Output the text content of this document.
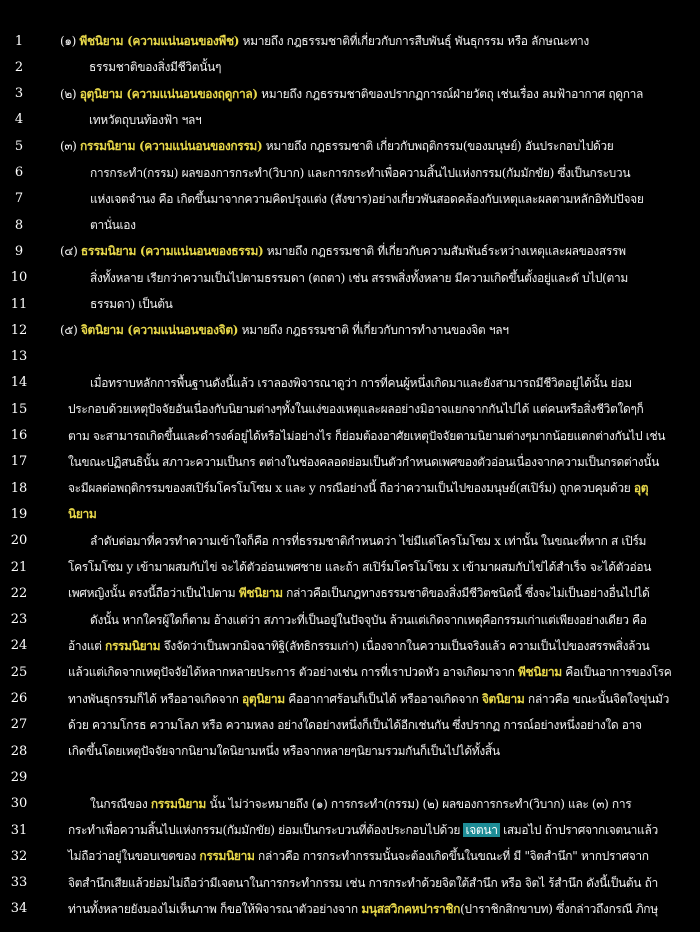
1	(๑) พีชนิยาม (ความแน่นอนของพืช) หมายถึง กฎธรรมชาติที่เกี่ยวกับการสืบพันธุ์ พันธุกรรม หรือ ลักษณะทาง
2	ธรรมชาติของสิ่งมีชีวิตนั้นๆ
3	(๒) อุตุนิยาม (ความแน่นอนของฤดูกาล) หมายถึง กฎธรรมชาติของปรากฏการณ์ฝ่ายวัตถุ เช่นเรื่อง ลมฟ้าอากาศ ฤดูกาล
4	เทหวัตถุบนท้องฟ้า ฯลฯ
5	(๓) กรรมนิยาม (ความแน่นอนของกรรม) หมายถึง กฎธรรมชาติ เกี่ยวกับพฤติกรรม(ของมนุษย์) อันประกอบไปด้วย
6	การกระทำ(กรรม) ผลของการกระทำ(วิบาก) และการกระทำเพื่อความสิ้นไปแห่งกรรม(กัมมักขัย) ซึ่งเป็นกระบวน
7	แห่งเจตจำนง คือ เกิดขึ้นมาจากความคิดปรุงแต่ง (สังขาร)อย่างเกี่ยวพันสอดคล้องกับเหตุและผลตามหลักอิทัปปัจจย
8	ตานั่นเอง
9	(๔) ธรรมนิยาม (ความแน่นอนของธรรม) หมายถึง กฎธรรมชาติ ที่เกี่ยวกับความสัมพันธ์ระหว่างเหตุและผลของสรรพ
10	สิ่งทั้งหลาย เรียกว่าความเป็นไปตามธรรมดา (ตถตา) เช่น สรรพสิ่งทั้งหลาย มีความเกิดขึ้นตั้งอยู่และดั บไป(ตาม
11	ธรรมดา) เป็นต้น
12	(๕) จิตนิยาม (ความแน่นอนของจิต) หมายถึง กฎธรรมชาติ ที่เกี่ยวกับการทำงานของจิต ฯลฯ
13
14	เมื่อทราบหลักการพื้นฐานดังนี้แล้ว เราลองพิจารณาดูว่า การที่คนผู้หนึ่งเกิดมาและยังสามารถมีชีวิตอยู่ได้นั้น ย่อม
15	ประกอบด้วยเหตุปัจจัยอันเนื่องกับนิยามต่างๆทั้งในแง่ของเหตุและผลอย่างมิอาจแยกจากกันไปได้ แต่คนหรือสิ่งชีวิตใดๆก็
16	ตาม จะสามารถเกิดขึ้นและดำรงค์อยู่ได้หรือไม่อย่างไร ก็ย่อมต้องอาศัยเหตุปัจจัยตามนิยามต่างๆมากน้อยแตกต่างกันไป เช่น
17	ในขณะปฏิสนธินั้น สภาวะความเป็นกร ตต่างในช่องคลอดย่อมเป็นตัวกำหนดเพศของตัวอ่อนเนื่องจากความเป็นกรดต่างนั้น
18	จะมีผลต่อพฤติกรรมของสเปิร์มโครโมโซม x และ y กรณีอย่างนี้ ถือว่าความเป็นไปของมนุษย์(สเปิร์ม) ถูกควบคุมด้วย อุตุ
19	นิยาม
20	ลำดับต่อมาที่ควรทำความเข้าใจก็คือ การที่ธรรมชาติกำหนดว่า ไข่มีแต่โครโมโซม x เท่านั้น ในขณะที่หาก ส เปิร์ม
21	โครโมโซม y เข้ามาผสมกับไข่ จะได้ตัวอ่อนเพศชาย และถ้า สเปิร์มโครโมโซม x เข้ามาผสมกับไข่ได้สำเร็จ จะได้ตัวอ่อน
22	เพศหญิงนั้น ตรงนี้ถือว่าเป็นไปตาม พีชนิยาม กล่าวคือเป็นกฎทางธรรมชาติของสิ่งมีชีวิตชนิดนี้ ซึ่งจะไม่เป็นอย่างอื่นไปได้
23	ดังนั้น หากใครผู้ใดก็ตาม อ้างแต่ว่า สภาวะที่เป็นอยู่ในปัจจุบัน ล้วนแต่เกิดจากเหตุคือกรรมเก่าแต่เพียงอย่างเดียว คือ
24	อ้างแต่ กรรมนิยาม จึงจัดว่าเป็นพวกมิจฉาทิฐิ(ลัทธิกรรมเก่า) เนื่องจากในความเป็นจริงแล้ว ความเป็นไปของสรรพสิ่งล้วน
25	แล้วแต่เกิดจากเหตุปัจจัยได้หลากหลายประการ ตัวอย่างเช่น การที่เราปวดหัว อาจเกิดมาจาก พีชนิยาม คือเป็นอาการของโรค
26	ทางพันธุกรรมก็ได้ หรืออาจเกิดจาก อุตุนิยาม คืออากาศร้อนก็เป็นได้ หรืออาจเกิดจาก จิตนิยาม กล่าวคือ ขณะนั้นจิตใจขุ่นมัว
27	ด้วย ความโกรธ ความโลภ หรือ ความหลง อย่างใดอย่างหนึ่งก็เป็นได้อีกเช่นกัน ซึ่งปรากฏ การณ์อย่างหนึ่งอย่างใด อาจ
28	เกิดขึ้นโดยเหตุปัจจัยจากนิยามใดนิยามหนึ่ง หรือจากหลายๆนิยามรวมกันก็เป็นไปได้ทั้งสิ้น
29
30	ในกรณีของ กรรมนิยาม นั้น ไม่ว่าจะหมายถึง (๑) การกระทำ(กรรม) (๒) ผลของการกระทำ(วิบาก) และ (๓) การ
31	กระทำเพื่อความสิ้นไปแห่งกรรม(กัมมักขัย) ย่อมเป็นกระบวนที่ต้องประกอบไปด้วย เจตนา เสมอไป ถ้าปราศจากเจตนาแล้ว
32	ไม่ถือว่าอยู่ในขอบเขตของ กรรมนิยาม กล่าวคือ การกระทำกรรมนั้นจะต้องเกิดขึ้นในขณะที่ มี "จิตสำนึก" หากปราศจาก
33	จิตสำนึกเสียแล้วย่อมไม่ถือว่ามีเจตนาในการกระทำกรรม เช่น การกระทำด้วยจิตใต้สำนึก หรือ จิตไ ร้สำนึก ดังนี้เป็นต้น ถ้า
34	ท่านทั้งหลายยังมองไม่เห็นภาพ ก็ขอให้พิจารณาตัวอย่างจาก มนุสสวิกคหปาราชิก(ปาราชิกสิกขาบท) ซึ่งกล่าวถึงกรณี ภิกษุ
